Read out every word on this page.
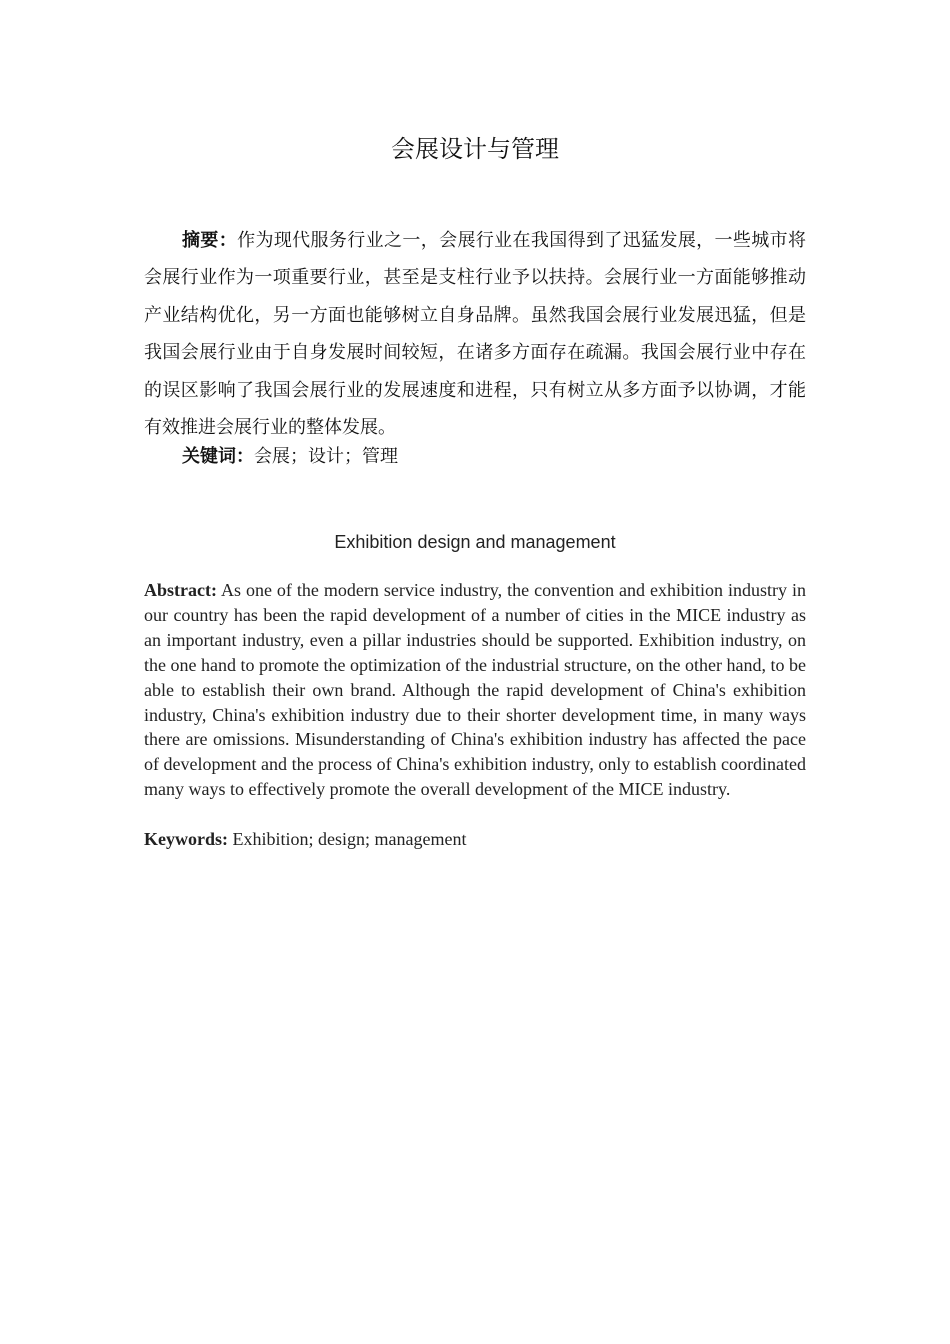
会展设计与管理

摘要：作为现代服务行业之一，会展行业在我国得到了迅猛发展，一些城市将会展行业作为一项重要行业，甚至是支柱行业予以扶持。会展行业一方面能够推动产业结构优化，另一方面也能够树立自身品牌。虽然我国会展行业发展迅猛，但是我国会展行业由于自身发展时间较短，在诸多方面存在疏漏。我国会展行业中存在的误区影响了我国会展行业的发展速度和进程，只有树立从多方面予以协调，才能有效推进会展行业的整体发展。

关键词：会展；设计；管理

Exhibition design and management

Abstract: As one of the modern service industry, the convention and exhibition industry in our country has been the rapid development of a number of cities in the MICE industry as an important industry, even a pillar industries should be supported. Exhibition industry, on the one hand to promote the optimization of the industrial structure, on the other hand, to be able to establish their own brand. Although the rapid development of China's exhibition industry, China's exhibition industry due to their shorter development time, in many ways there are omissions. Misunderstanding of China's exhibition industry has affected the pace of development and the process of China's exhibition industry, only to establish coordinated many ways to effectively promote the overall development of the MICE industry.

Keywords: Exhibition; design; management
